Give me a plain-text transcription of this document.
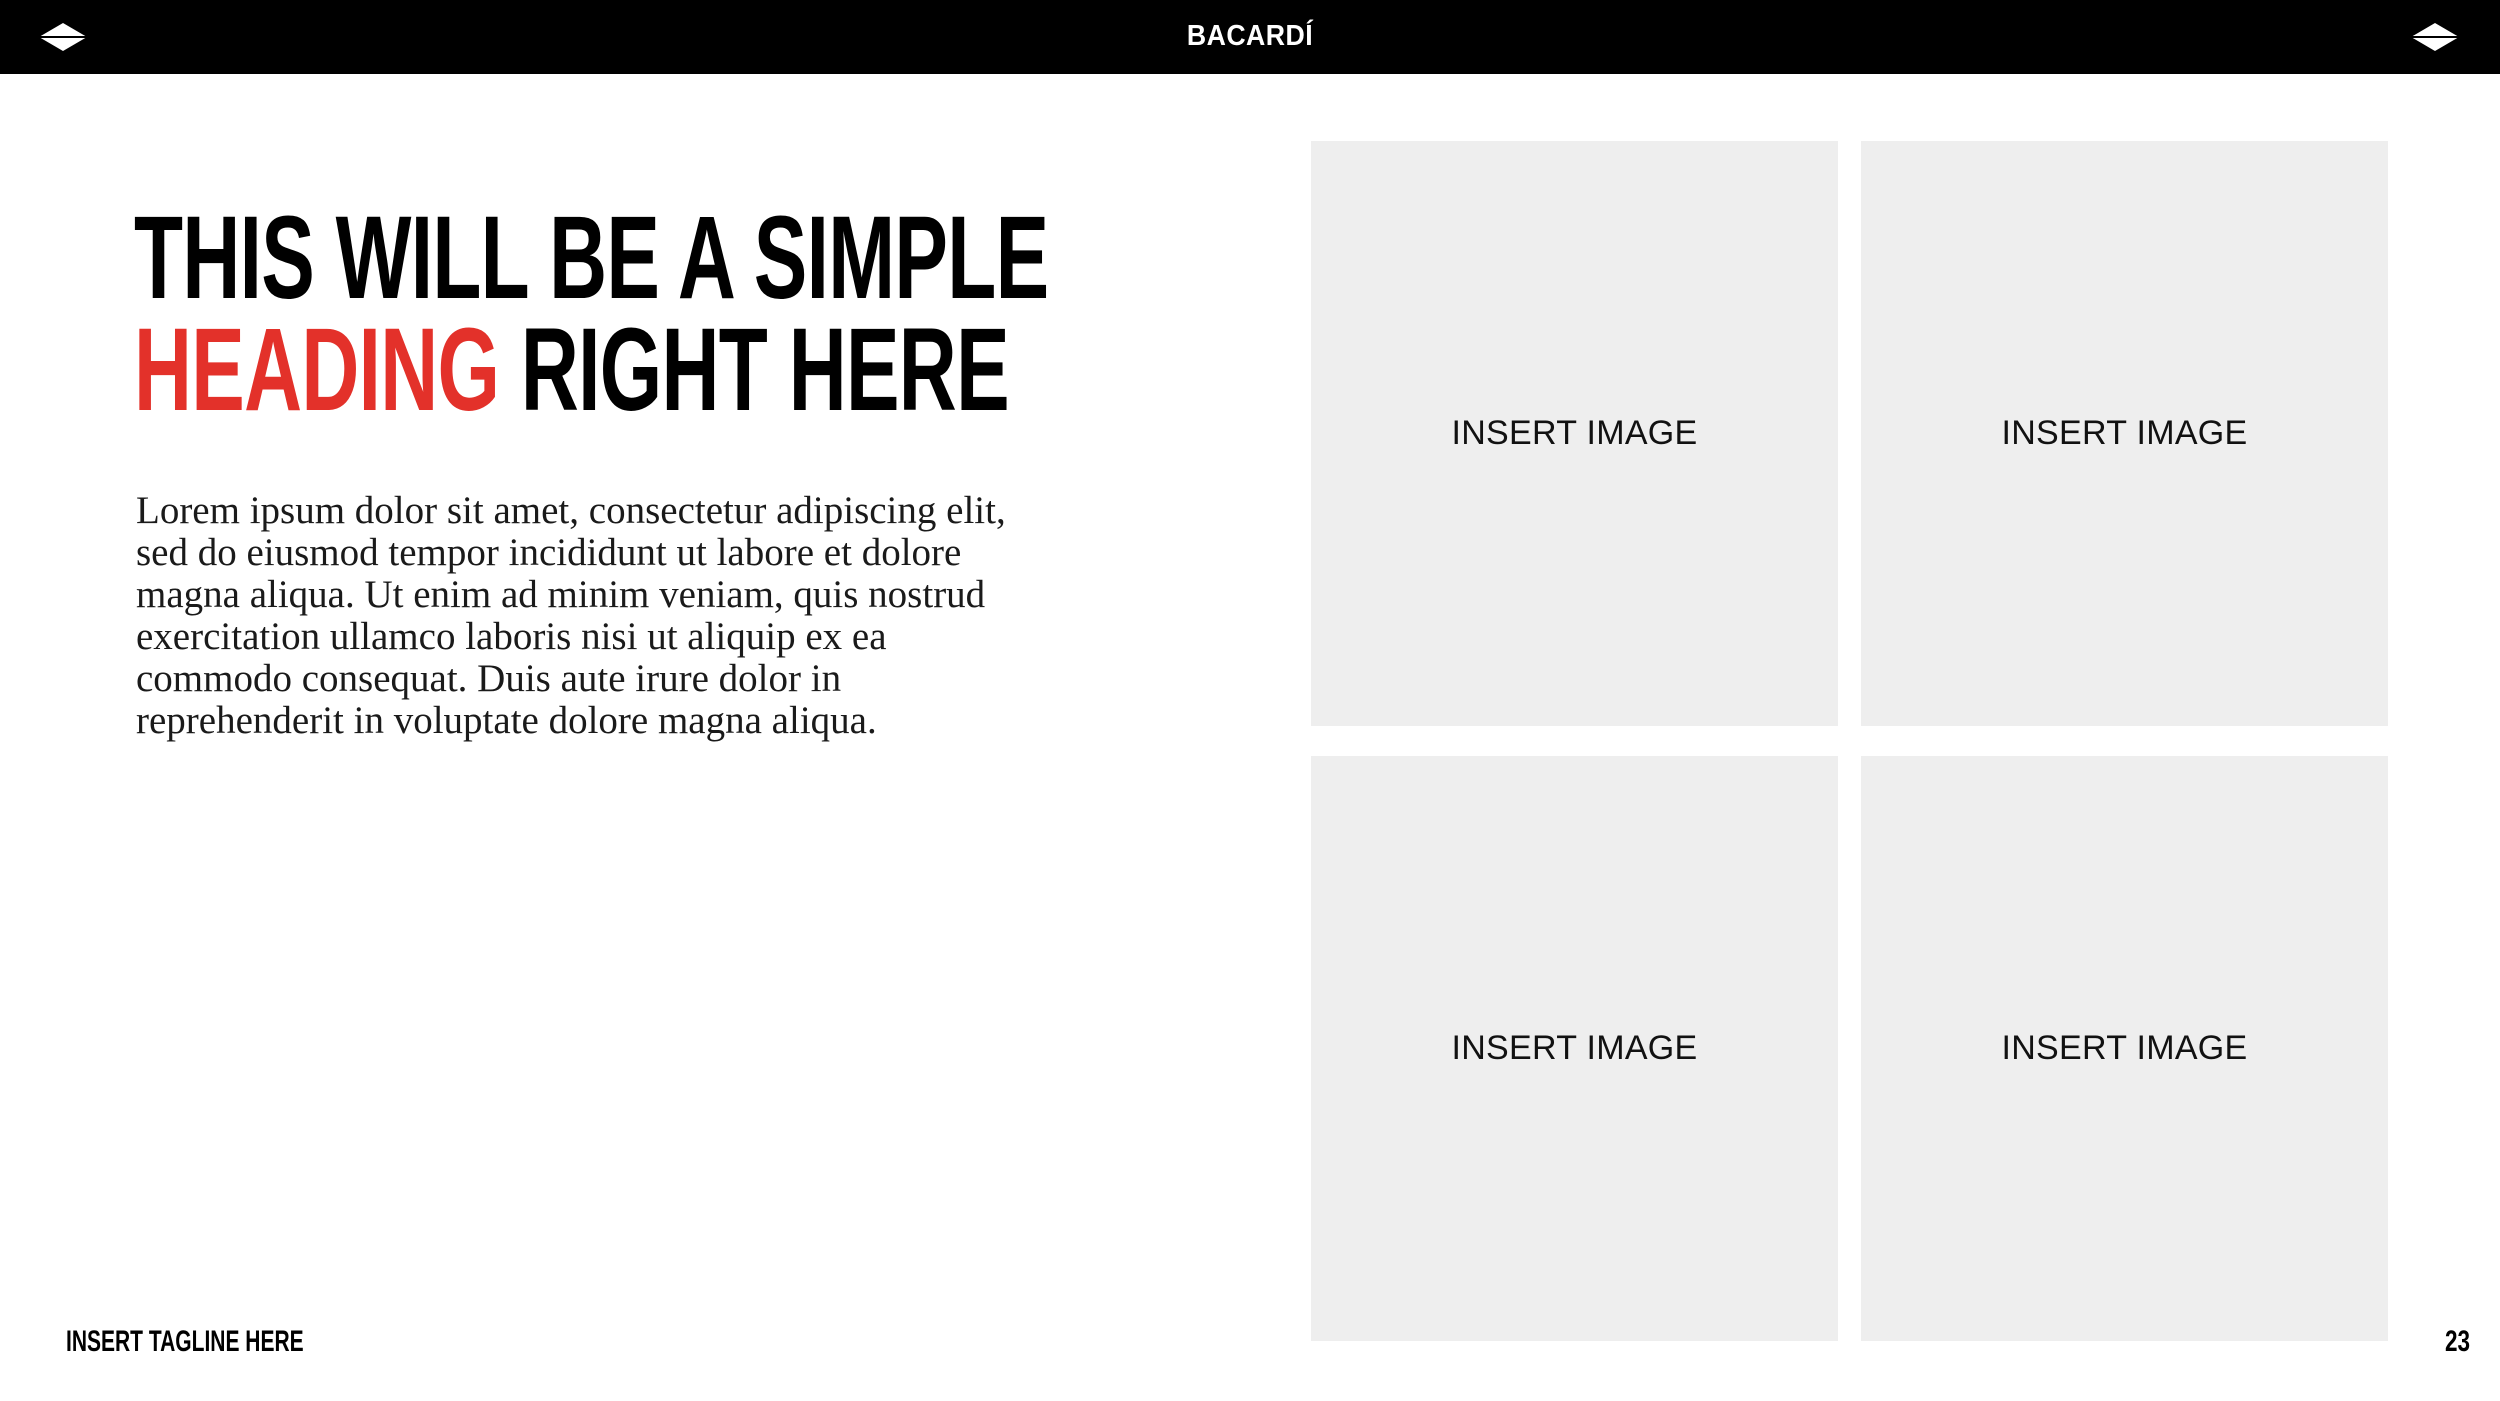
BACARDÍ
THIS WILL BE A SIMPLE
HEADING RIGHT HERE

Lorem ipsum dolor sit amet, consectetur adipiscing elit, sed do eiusmod tempor incididunt ut labore et dolore magna aliqua. Ut enim ad minim veniam, quis nostrud exercitation ullamco laboris nisi ut aliquip ex ea commodo consequat. Duis aute irure dolor in reprehenderit in voluptate dolore magna aliqua.

INSERT IMAGE	INSERT IMAGE
INSERT IMAGE	INSERT IMAGE
INSERT TAGLINE HERE	23
